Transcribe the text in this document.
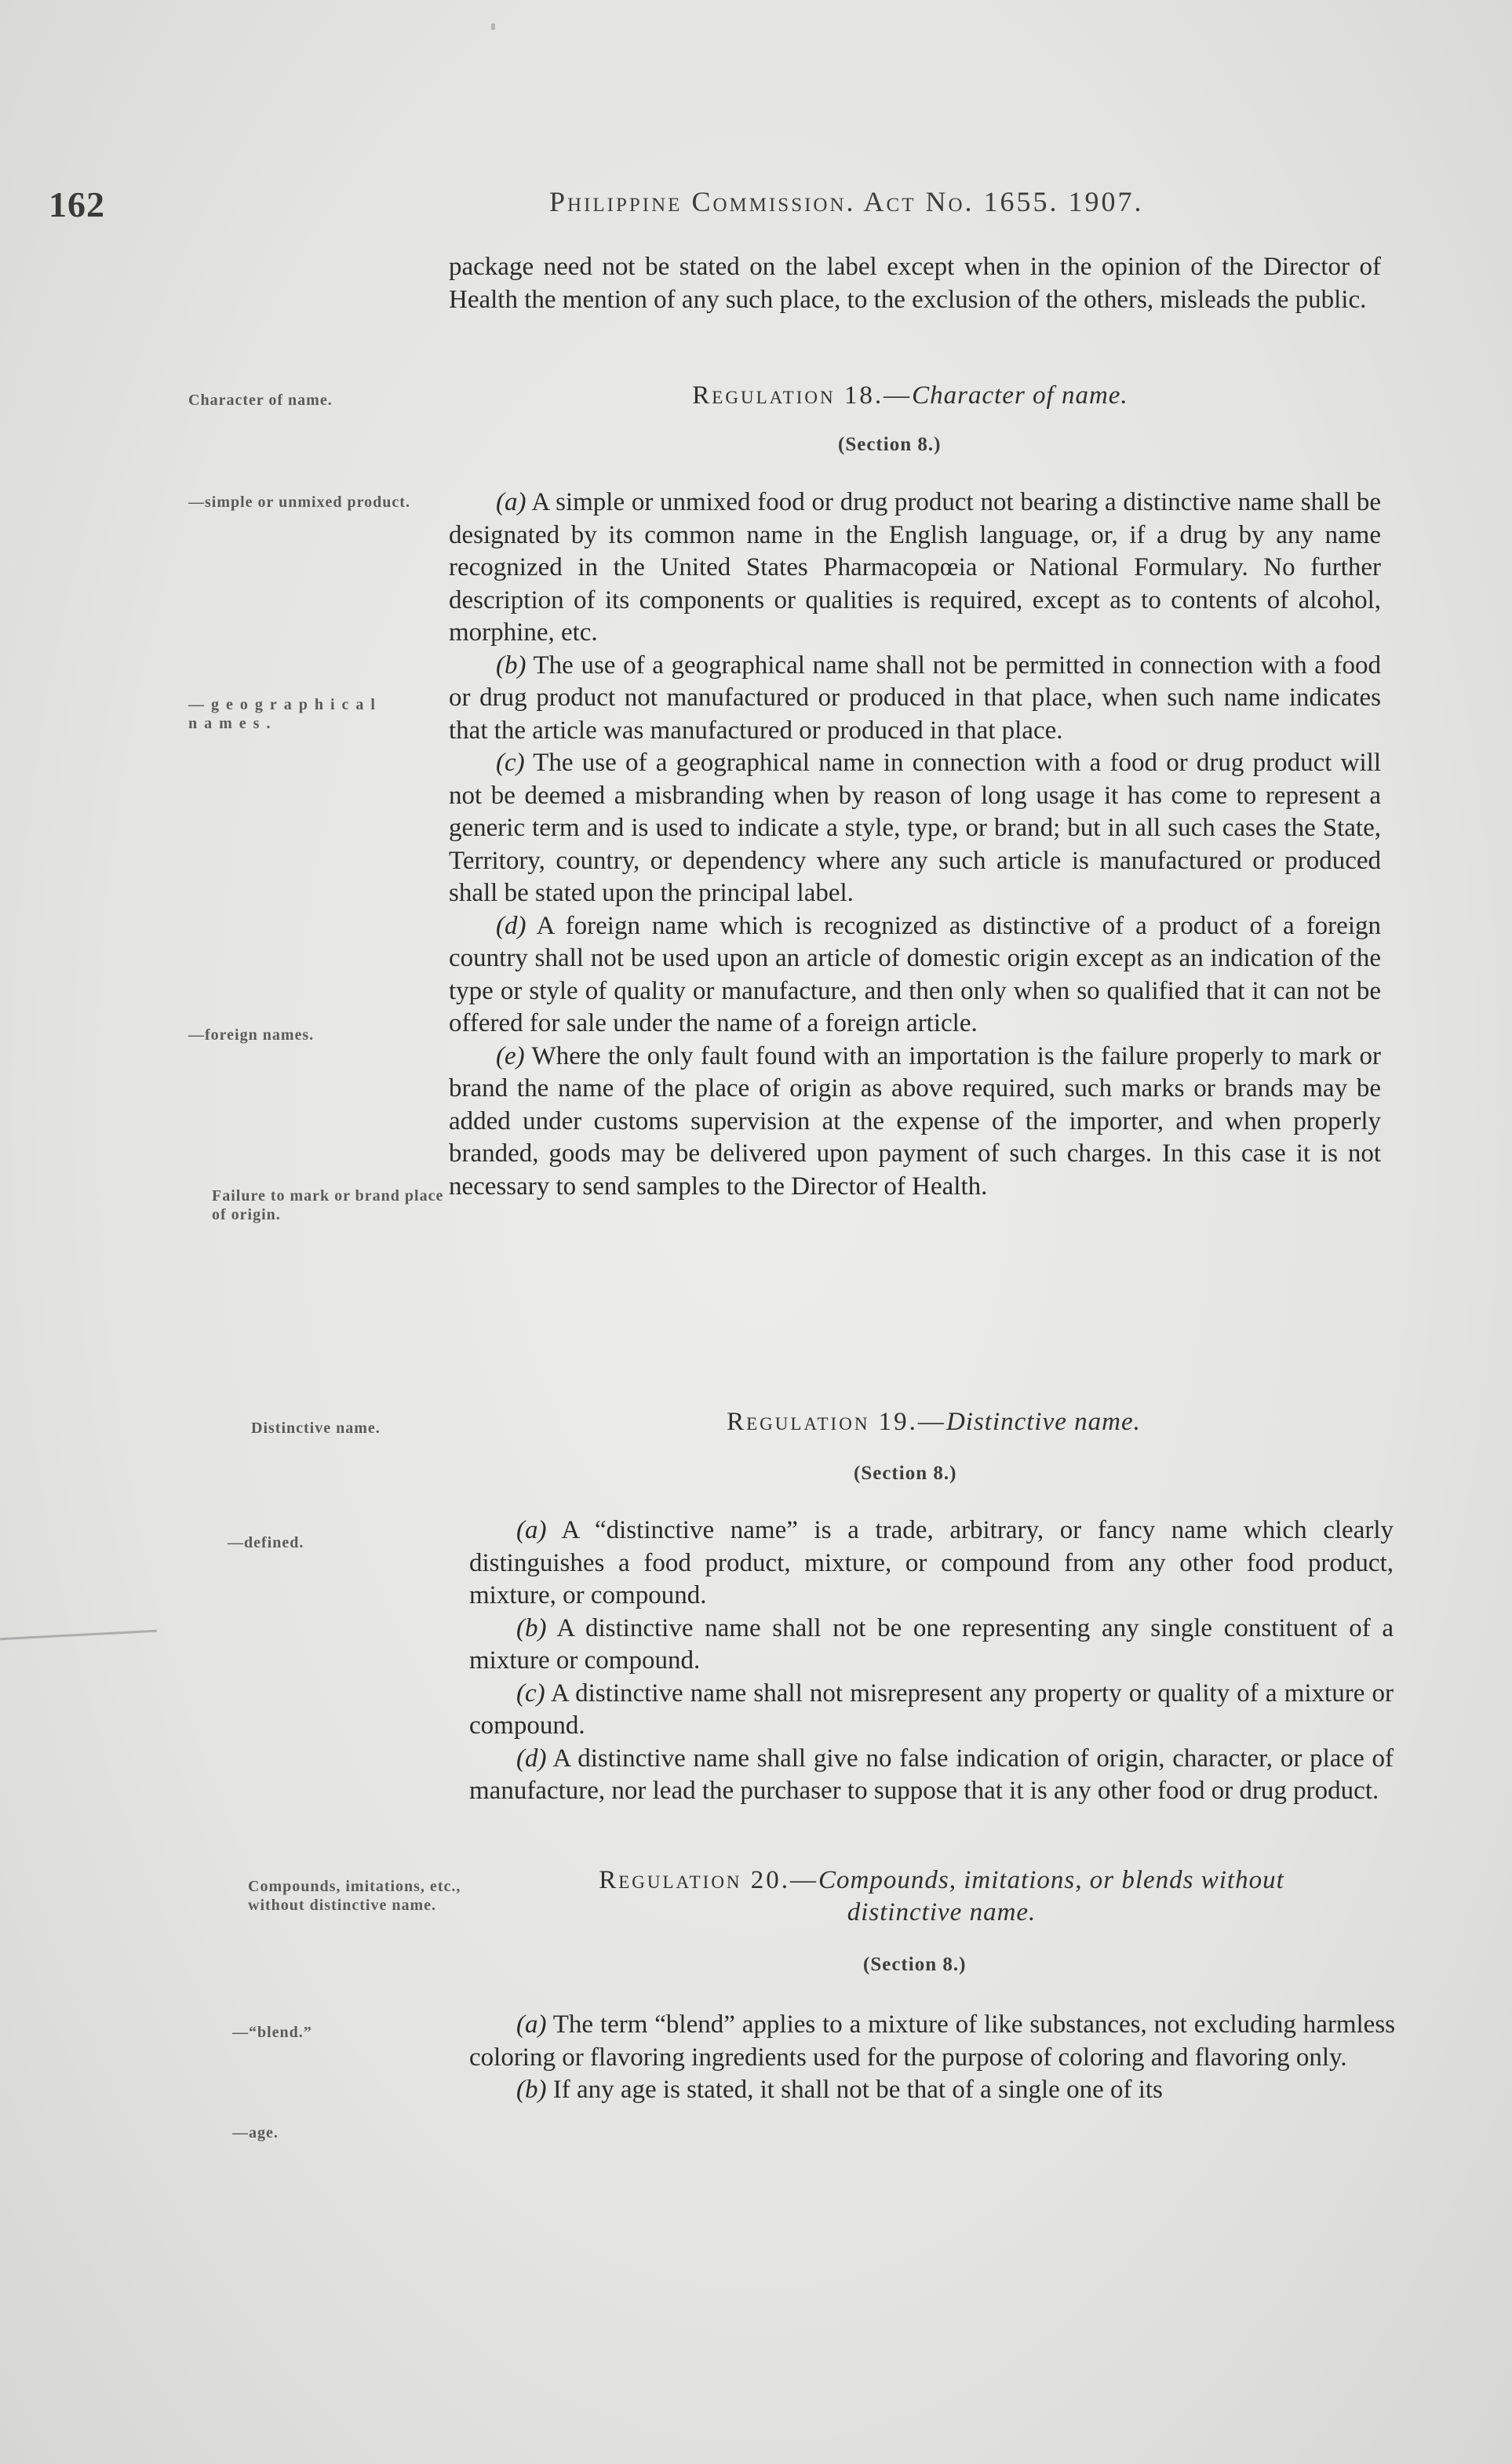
162	Philippine Commission. Act No. 1655. 1907.

package need not be stated on the label except when in the opinion of the Director of Health the mention of any such place, to the exclusion of the others, misleads the public.

Character of name.	Regulation 18.—Character of name.
(Section 8.)
—simple or unmixed product.
—geographical names.
—foreign names.
Failure to mark or brand place of origin.

(a) A simple or unmixed food or drug product not bearing a distinctive name shall be designated by its common name in the English language, or, if a drug by any name recognized in the United States Pharmacopœia or National Formulary. No further description of its components or qualities is required, except as to contents of alcohol, morphine, etc.

(b) The use of a geographical name shall not be permitted in connection with a food or drug product not manufactured or produced in that place, when such name indicates that the article was manufactured or produced in that place.

(c) The use of a geographical name in connection with a food or drug product will not be deemed a misbranding when by reason of long usage it has come to represent a generic term and is used to indicate a style, type, or brand; but in all such cases the State, Territory, country, or dependency where any such article is manufactured or produced shall be stated upon the principal label.

(d) A foreign name which is recognized as distinctive of a product of a foreign country shall not be used upon an article of domestic origin except as an indication of the type or style of quality or manufacture, and then only when so qualified that it can not be offered for sale under the name of a foreign article.

(e) Where the only fault found with an importation is the failure properly to mark or brand the name of the place of origin as above required, such marks or brands may be added under customs supervision at the expense of the importer, and when properly branded, goods may be delivered upon payment of such charges. In this case it is not necessary to send samples to the Director of Health.

Distinctive name.	Regulation 19.—Distinctive name.
(Section 8.)
—defined.	(a) A “distinctive name” is a trade, arbitrary, or fancy name which clearly distinguishes a food product, mixture, or compound from any other food product, mixture, or compound.

(b) A distinctive name shall not be one representing any single constituent of a mixture or compound.

(c) A distinctive name shall not misrepresent any property or quality of a mixture or compound.

(d) A distinctive name shall give no false indication of origin, character, or place of manufacture, nor lead the purchaser to suppose that it is any other food or drug product.

Compounds, imitations, etc., without distinctive name.
Regulation 20.—Compounds, imitations, or blends without
distinctive name.
(Section 8.)
—“blend.”
—age.

(a) The term “blend” applies to a mixture of like substances, not excluding harmless coloring or flavoring ingredients used for the purpose of coloring and flavoring only.

(b) If any age is stated, it shall not be that of a single one of its
